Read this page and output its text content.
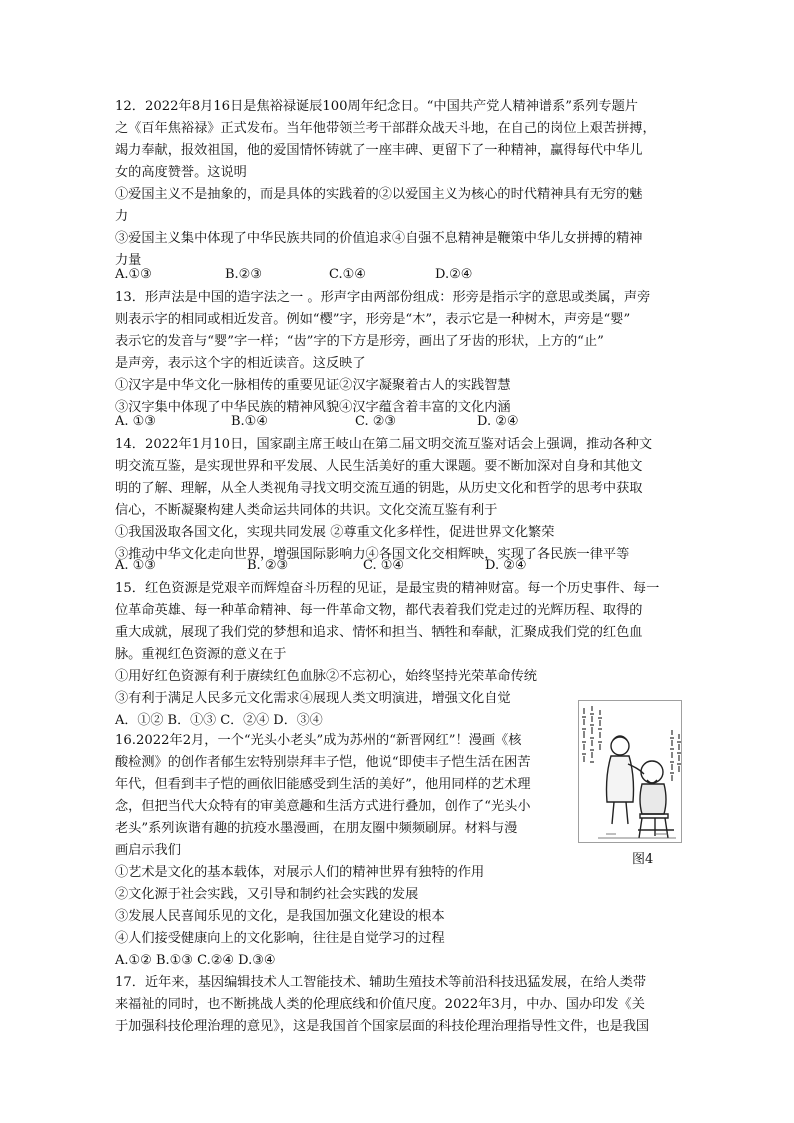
12．2022年8月16日是焦裕禄诞辰100周年纪念日。“中国共产党人精神谱系”系列专题片
之《百年焦裕禄》正式发布。当年他带领兰考干部群众战天斗地，在自己的岗位上艰苦拼搏，
竭力奉献，报效祖国，他的爱国情怀铸就了一座丰碑、更留下了一种精神，赢得每代中华儿
女的高度赞誉。这说明
①爱国主义不是抽象的，而是具体的实践着的②以爱国主义为核心的时代精神具有无穷的魅
力
③爱国主义集中体现了中华民族共同的价值追求④自强不息精神是鞭策中华儿女拼搏的精神
力量
A.①③	B.②③	C.①④	D.②④
13．形声法是中国的造字法之一 。形声字由两部份组成：形旁是指示字的意思或类属，声旁
则表示字的相同或相近发音。例如“樱”字，形旁是“木”，表示它是一种树木，声旁是“婴”
表示它的发音与“婴”字一样；“齿”字的下方是形旁，画出了牙齿的形状，上方的“止”
是声旁，表示这个字的相近读音。这反映了
①汉字是中华文化一脉相传的重要见证②汉字凝聚着古人的实践智慧
③汉字集中体现了中华民族的精神风貌④汉字蕴含着丰富的文化内涵
A. ①③	B.①④	C. ②③	D. ②④
14．2022年1月10日，国家副主席王岐山在第二届文明交流互鉴对话会上强调，推动各种文
明交流互鉴，是实现世界和平发展、人民生活美好的重大课题。要不断加深对自身和其他文
明的了解、理解，从全人类视角寻找文明交流互通的钥匙，从历史文化和哲学的思考中获取
信心，不断凝聚构建人类命运共同体的共识。文化交流互鉴有利于
①我国汲取各国文化，实现共同发展 ②尊重文化多样性，促进世界文化繁荣
③推动中华文化走向世界，增强国际影响力④各国文化交相辉映，实现了各民族一律平等
A. ①③	B. ②③	C. ①④	D. ②④
15．红色资源是党艰辛而辉煌奋斗历程的见证，是最宝贵的精神财富。每一个历史事件、每一
位革命英雄、每一种革命精神、每一件革命文物，都代表着我们党走过的光辉历程、取得的
重大成就，展现了我们党的梦想和追求、情怀和担当、牺牲和奉献，汇聚成我们党的红色血
脉。重视红色资源的意义在于
①用好红色资源有利于赓续红色血脉②不忘初心，始终坚持光荣革命传统
③有利于满足人民多元文化需求④展现人类文明演进，增强文化自觉
A．①② B．①③ C．②④ D．③④
16.2022年2月，一个“光头小老头”成为苏州的“新晋网红”！漫画《核
酸检测》的创作者郁生宏特别崇拜丰子恺，他说“即使丰子恺生活在困苦
年代，但看到丰子恺的画依旧能感受到生活的美好”，他用同样的艺术理
念，但把当代大众特有的审美意趣和生活方式进行叠加，创作了“光头小
老头”系列诙谐有趣的抗疫水墨漫画，在朋友圈中频频刷屏。材料与漫
画启示我们
①艺术是文化的基本载体，对展示人们的精神世界有独特的作用
②文化源于社会实践，又引导和制约社会实践的发展
③发展人民喜闻乐见的文化，是我国加强文化建设的根本
④人们接受健康向上的文化影响，往往是自觉学习的过程
A.①② B.①③ C.②④ D.③④
图4
17．近年来，基因编辑技术人工智能技术、辅助生殖技术等前沿科技迅猛发展，在给人类带
来福祉的同时，也不断挑战人类的伦理底线和价值尺度。2022年3月，中办、国办印发《关
于加强科技伦理治理的意见》，这是我国首个国家层面的科技伦理治理指导性文件，也是我国
